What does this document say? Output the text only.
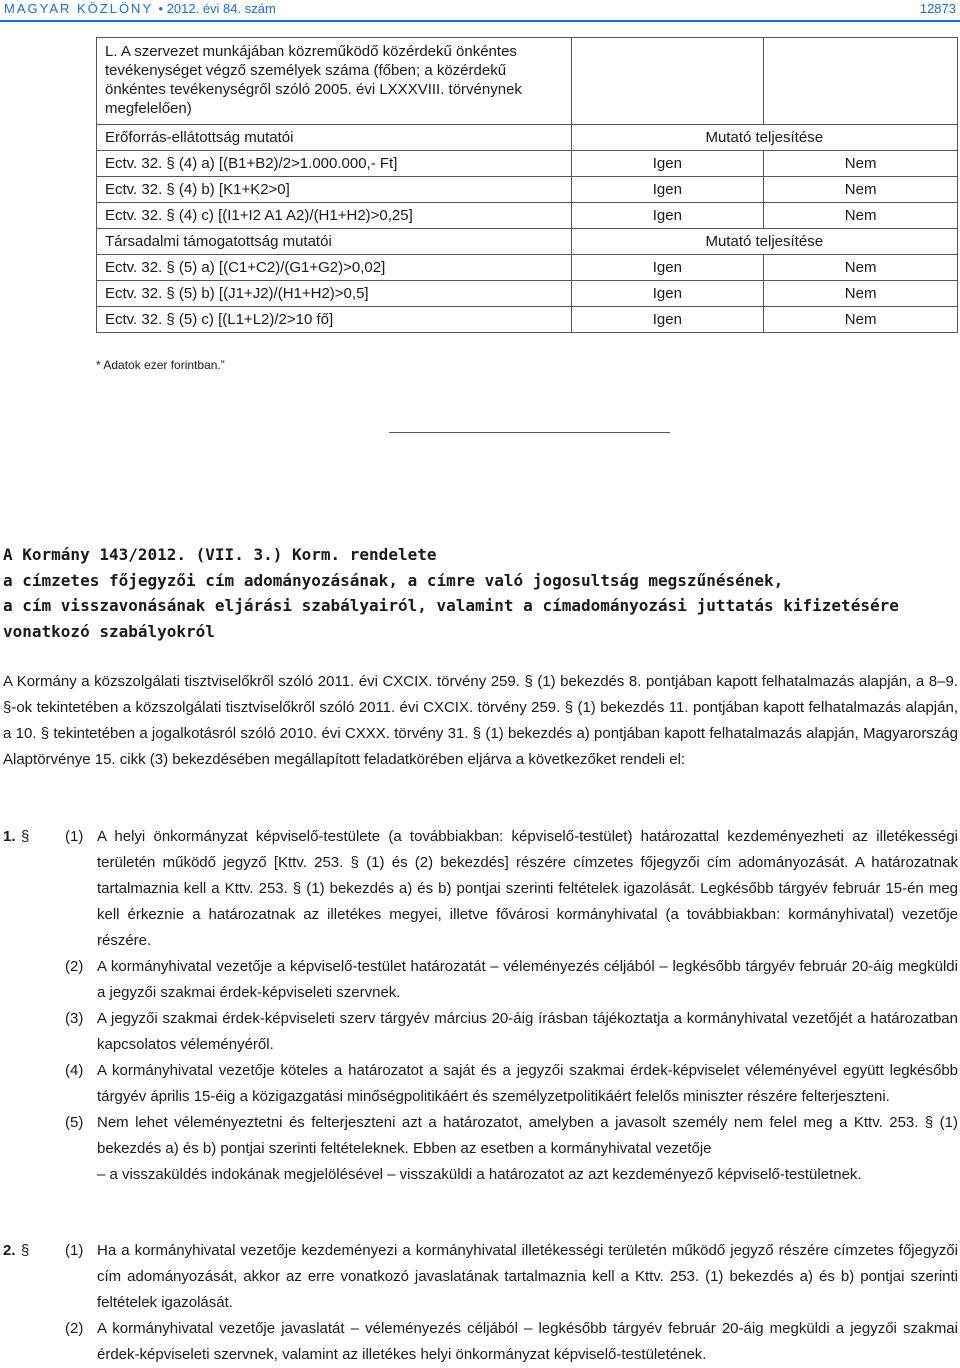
MAGYAR KÖZLÖNY • 2012. évi 84. szám	12873
L. A szervezet munkájában közreműködő közérdekű önkéntes tevékenységet végző személyek száma (főben; a közérdekű önkéntes tevékenységről szóló 2005. évi LXXXVIII. törvénynek megfelelően)		
Erőforrás-ellátottság mutatói	Mutató teljesítése	
Ectv. 32. § (4) a) [(B1+B2)/2>1.000.000,- Ft]	Igen	Nem
Ectv. 32. § (4) b) [K1+K2>0]	Igen	Nem
Ectv. 32. § (4) c) [(I1+I2 A1 A2)/(H1+H2)>0,25]	Igen	Nem
Társadalmi támogatottság mutatói	Mutató teljesítése	
Ectv. 32. § (5) a) [(C1+C2)/(G1+G2)>0,02]	Igen	Nem
Ectv. 32. § (5) b) [(J1+J2)/(H1+H2)>0,5]	Igen	Nem
Ectv. 32. § (5) c) [(L1+L2)/2>10 fő]	Igen	Nem
* Adatok ezer forintban.”
A Kormány 143/2012. (VII. 3.) Korm. rendelete
a címzetes főjegyzői cím adományozásának, a címre való jogosultság megszűnésének,
a cím visszavonásának eljárási szabályairól, valamint a címadományozási juttatás kifizetésére
vonatkozó szabályokról

A Kormány a közszolgálati tisztviselőkről szóló 2011. évi CXCIX. törvény 259. § (1) bekezdés 8. pontjában kapott felhatalmazás alapján, a 8–9. §-ok tekintetében a közszolgálati tisztviselőkről szóló 2011. évi CXCIX. törvény 259. § (1) bekezdés 11. pontjában kapott felhatalmazás alapján, a 10. § tekintetében a jogalkotásról szóló 2010. évi CXXX. törvény 31. § (1) bekezdés a) pontjában kapott felhatalmazás alapján, Magyarország Alaptörvénye 15. cikk (3) bekezdésében megállapított feladatkörében eljárva a következőket rendeli el:

1. § (1) A helyi önkormányzat képviselő-testülete (a továbbiakban: képviselő-testület) határozattal kezdeményezheti az illetékességi területén működő jegyző [Kttv. 253. § (1) és (2) bekezdés] részére címzetes főjegyzői cím adományozását. A határozatnak tartalmaznia kell a Kttv. 253. § (1) bekezdés a) és b) pontjai szerinti feltételek igazolását. Legkésőbb tárgyév február 15-én meg kell érkeznie a határozatnak az illetékes megyei, illetve fővárosi kormányhivatal (a továbbiakban: kormányhivatal) vezetője részére.

(2) A kormányhivatal vezetője a képviselő-testület határozatát – véleményezés céljából – legkésőbb tárgyév február 20-áig megküldi a jegyzői szakmai érdek-képviseleti szervnek.

(3) A jegyzői szakmai érdek-képviseleti szerv tárgyév március 20-áig írásban tájékoztatja a kormányhivatal vezetőjét a határozatban kapcsolatos véleményéről.

(4) A kormányhivatal vezetője köteles a határozatot a saját és a jegyzői szakmai érdek-képviselet véleményével együtt legkésőbb tárgyév április 15-éig a közigazgatási minőségpolitikáért és személyzetpolitikáért felelős miniszter részére felterjeszteni.

(5) Nem lehet véleményeztetni és felterjeszteni azt a határozatot, amelyben a javasolt személy nem felel meg a Kttv. 253. § (1) bekezdés a) és b) pontjai szerinti feltételeknek. Ebben az esetben a kormányhivatal vezetője
– a visszaküldés indokának megjelölésével – visszaküldi a határozatot az azt kezdeményező képviselő-testületnek.

2. § (1) Ha a kormányhivatal vezetője kezdeményezi a kormányhivatal illetékességi területén működő jegyző részére címzetes főjegyzői cím adományozását, akkor az erre vonatkozó javaslatának tartalmaznia kell a Kttv. 253. (1) bekezdés a) és b) pontjai szerinti feltételek igazolását.

(2) A kormányhivatal vezetője javaslatát – véleményezés céljából – legkésőbb tárgyév február 20-áig megküldi a jegyzői szakmai érdek-képviseleti szervnek, valamint az illetékes helyi önkormányzat képviselő-testületének.
